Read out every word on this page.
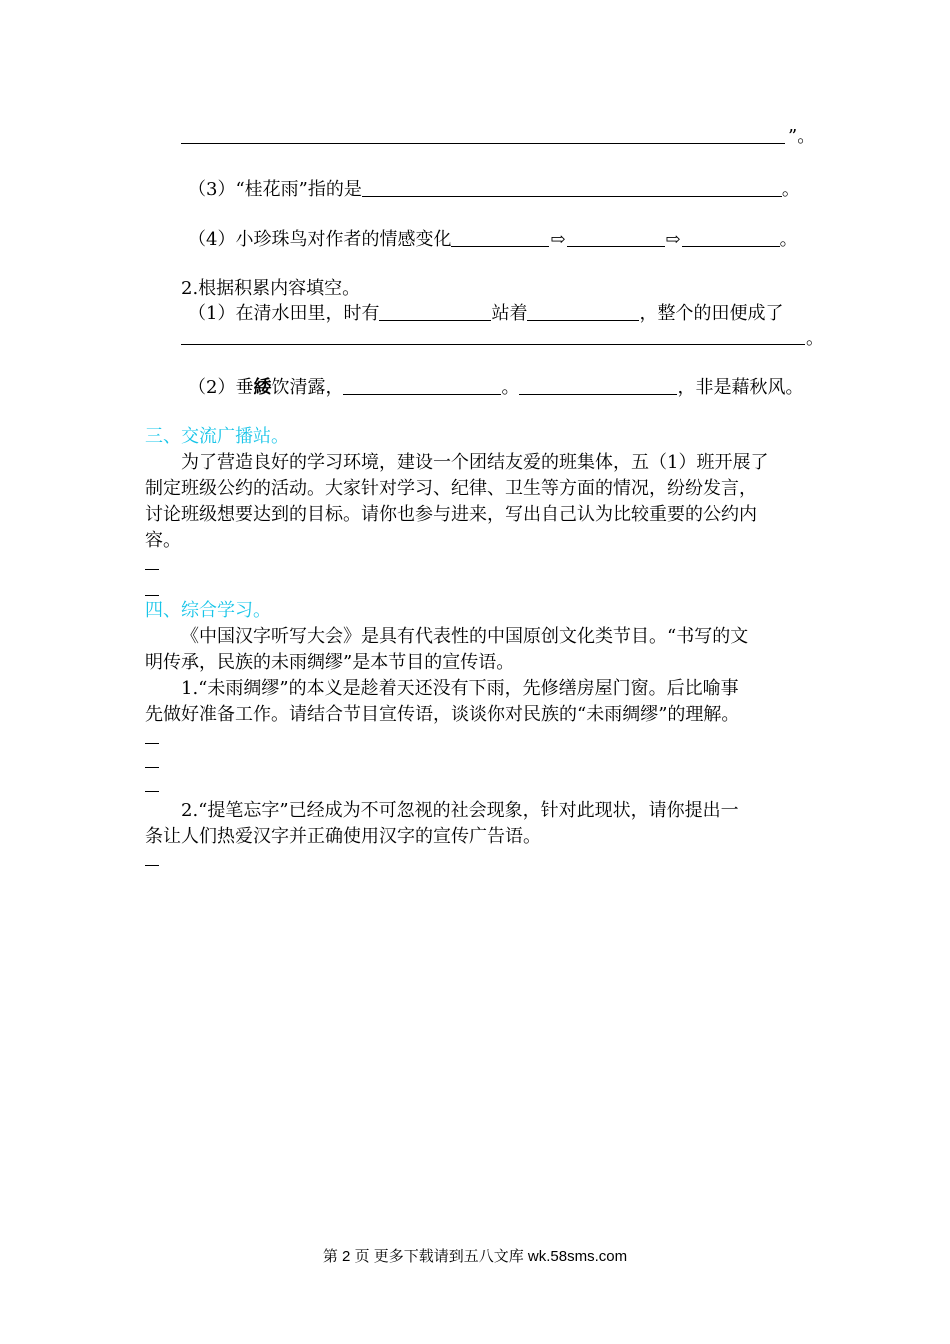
”。
（3）“桂花雨”指的是	。
（4）小珍珠鸟对作者的情感变化	⇨	⇨	。
2.根据积累内容填空。
（1）在清水田里，时有	站着	，整个的田便成了
。
（2）垂緌饮清露，	。	，非是藉秋风。
三、交流广播站。
为了营造良好的学习环境，建设一个团结友爱的班集体，五（1）班开展了
制定班级公约的活动。大家针对学习、纪律、卫生等方面的情况，纷纷发言，
讨论班级想要达到的目标。请你也参与进来，写出自己认为比较重要的公约内
容。
四、综合学习。
《中国汉字听写大会》是具有代表性的中国原创文化类节目。“书写的文
明传承，民族的未雨绸缪”是本节目的宣传语。
1.“未雨绸缪”的本义是趁着天还没有下雨，先修缮房屋门窗。后比喻事
先做好准备工作。请结合节目宣传语，谈谈你对民族的“未雨绸缪”的理解。
2.“提笔忘字”已经成为不可忽视的社会现象，针对此现状，请你提出一
条让人们热爱汉字并正确使用汉字的宣传广告语。
第 2 页 更多下载请到五八文库 wk.58sms.com
